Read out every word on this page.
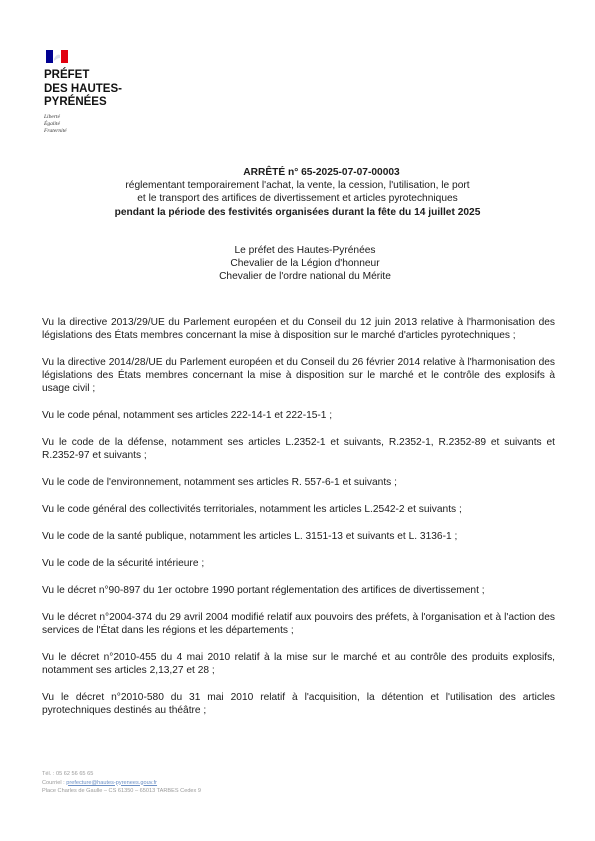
PRÉFET
DES HAUTES-
PYRÉNÉES
Liberté
Égalité
Fraternité
ARRÊTÉ n° 65-2025-07-07-00003
réglementant temporairement l'achat, la vente, la cession, l'utilisation, le port
et le transport des artifices de divertissement et articles pyrotechniques
pendant la période des festivités organisées durant la fête du 14 juillet 2025
Le préfet des Hautes-Pyrénées
Chevalier de la Légion d'honneur
Chevalier de l'ordre national du Mérite

Vu la directive 2013/29/UE du Parlement européen et du Conseil du 12 juin 2013 relative à l'harmonisation des législations des États membres concernant la mise à disposition sur le marché d'articles pyrotechniques ;

Vu la directive 2014/28/UE du Parlement européen et du Conseil du 26 février 2014 relative à l'harmonisation des législations des États membres concernant la mise à disposition sur le marché et le contrôle des explosifs à usage civil ;

Vu le code pénal, notamment ses articles 222-14-1 et 222-15-1 ;

Vu le code de la défense, notamment ses articles L.2352-1 et suivants, R.2352-1, R.2352-89 et suivants et R.2352-97 et suivants ;

Vu le code de l'environnement, notamment ses articles R. 557-6-1 et suivants ;

Vu le code général des collectivités territoriales, notamment les articles L.2542-2 et suivants ;

Vu le code de la santé publique, notamment les articles L. 3151-13 et suivants et L. 3136-1 ;

Vu le code de la sécurité intérieure ;

Vu le décret n°90-897 du 1er octobre 1990 portant réglementation des artifices de divertissement ;

Vu le décret n°2004-374 du 29 avril 2004 modifié relatif aux pouvoirs des préfets, à l'organisation et à l'action des services de l'État dans les régions et les départements ;

Vu le décret n°2010-455 du 4 mai 2010 relatif à la mise sur le marché et au contrôle des produits explosifs, notamment ses articles 2,13,27 et 28 ;

Vu le décret n°2010-580 du 31 mai 2010 relatif à l'acquisition, la détention et l'utilisation des articles pyrotechniques destinés au théâtre ;

Tél. : 05 62 56 65 65
Courriel : prefecture@hautes-pyrenees.gouv.fr
Place Charles de Gaulle – CS 61350 – 65013 TARBES Cedex 9
